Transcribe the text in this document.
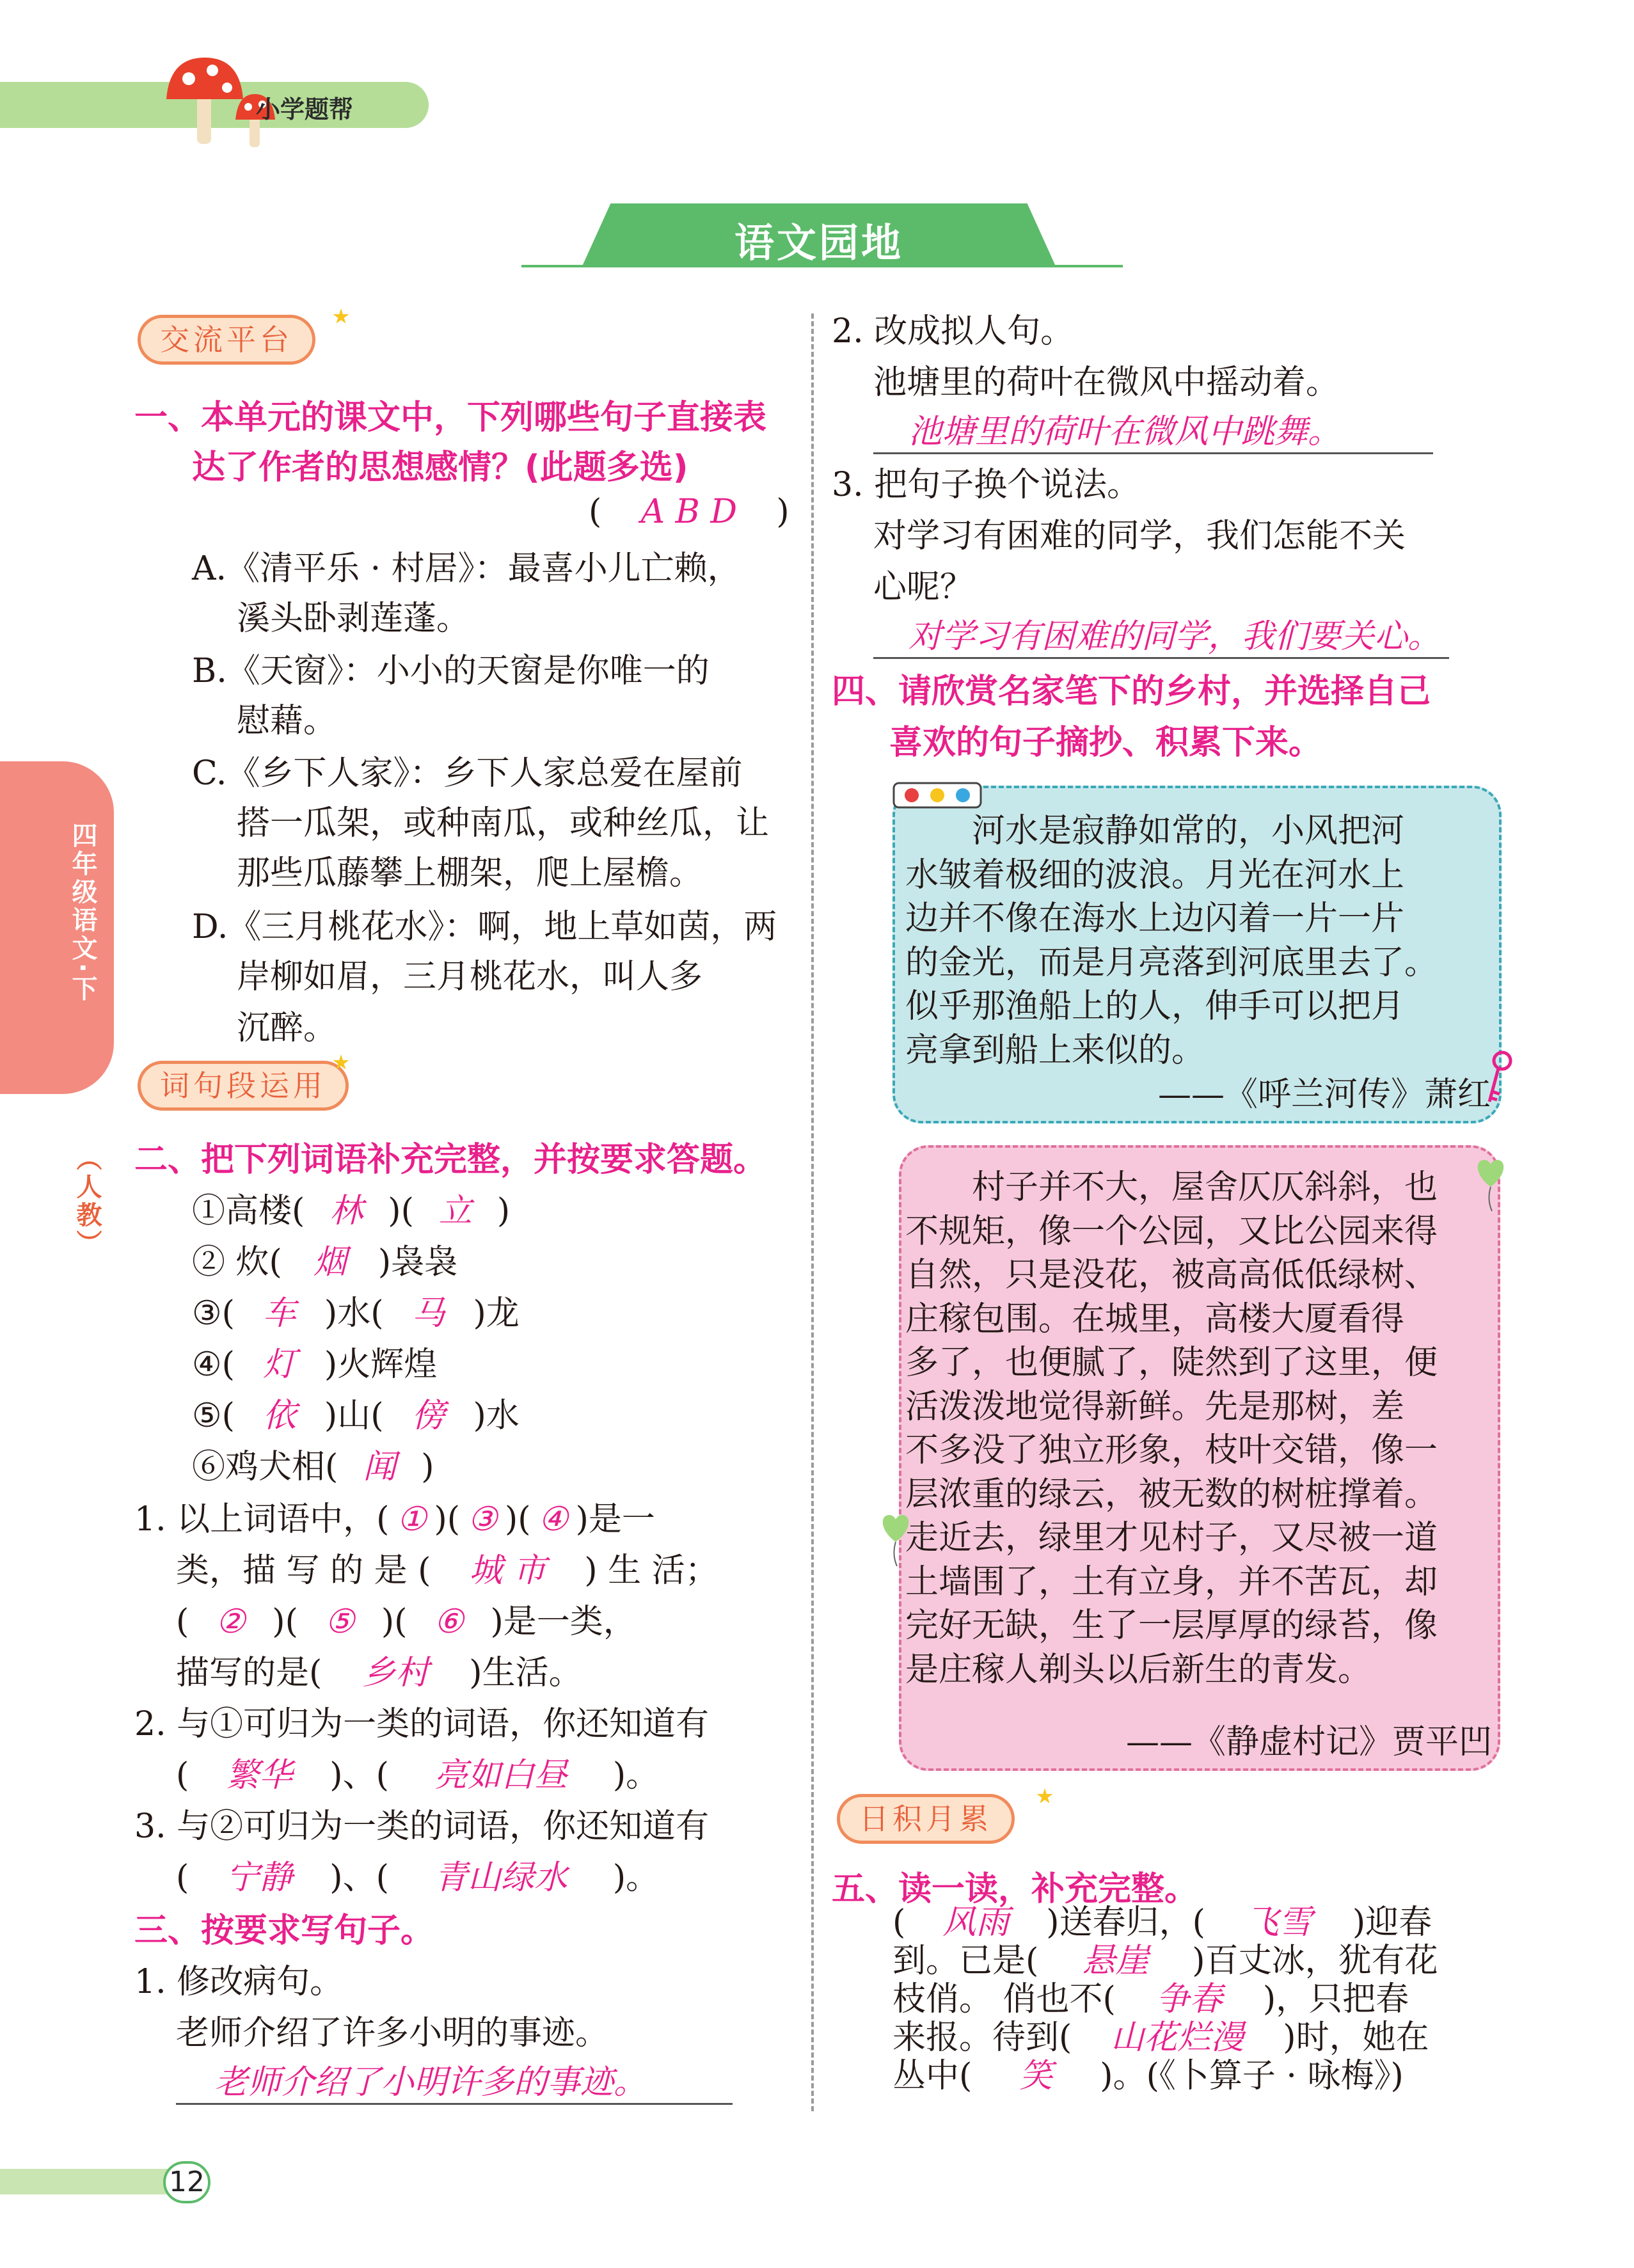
小学题帮
语文园地
四年级语文·下
（人教）
交流平台
一、本单元的课文中，下列哪些句子直接表
达了作者的思想感情？(此题多选)
( A B D )
A.《清平乐 · 村居》：最喜小儿亡赖，
溪头卧剥莲蓬。
B.《天窗》：小小的天窗是你唯一的
慰藉。
C.《乡下人家》：乡下人家总爱在屋前
搭一瓜架，或种南瓜，或种丝瓜，让
那些瓜藤攀上棚架，爬上屋檐。
D.《三月桃花水》：啊，地上草如茵，两
岸柳如眉，三月桃花水，叫人多
沉醉。
词句段运用
二、把下列词语补充完整，并按要求答题。
①高楼( 林 )( 立 )
② 炊( 烟 )袅袅
③( 车 )水( 马 )龙
④( 灯 )火辉煌
⑤( 依 )山( 傍 )水
⑥鸡犬相( 闻 )
1. 以上词语中，( ① )( ③ )( ④ )是一
类，描 写 的 是 ( 城 市 ) 生 活；
( ② )( ⑤ )( ⑥ )是一类，
描写的是( 乡村 )生活。
2. 与①可归为一类的词语，你还知道有
( 繁华 )、( 亮如白昼 )。
3. 与②可归为一类的词语，你还知道有
( 宁静 )、( 青山绿水 )。
三、按要求写句子。
1. 修改病句。
老师介绍了许多小明的事迹。
老师介绍了小明许多的事迹。
2. 改成拟人句。
池塘里的荷叶在微风中摇动着。
池塘里的荷叶在微风中跳舞。
3. 把句子换个说法。
对学习有困难的同学，我们怎能不关
心呢？
对学习有困难的同学，我们要关心。
四、请欣赏名家笔下的乡村，并选择自己
喜欢的句子摘抄、积累下来。
河水是寂静如常的，小风把河
水皱着极细的波浪。月光在河水上
边并不像在海水上边闪着一片一片
的金光，而是月亮落到河底里去了。
似乎那渔船上的人，伸手可以把月
亮拿到船上来似的。
——《呼兰河传》萧红
村子并不大，屋舍仄仄斜斜，也
不规矩，像一个公园，又比公园来得
自然，只是没花，被高高低低绿树、
庄稼包围。在城里，高楼大厦看得
多了，也便腻了，陡然到了这里，便
活泼泼地觉得新鲜。先是那树，差
不多没了独立形象，枝叶交错，像一
层浓重的绿云，被无数的树桩撑着。
走近去，绿里才见村子，又尽被一道
土墙围了，土有立身，并不苦瓦，却
完好无缺，生了一层厚厚的绿苔，像
是庄稼人剃头以后新生的青发。
——《静虚村记》贾平凹
日积月累
五、读一读，补充完整。
( 风雨 )送春归，( 飞雪 )迎春
到。已是( 悬崖 )百丈冰，犹有花
枝俏。 俏也不( 争春 )，只把春
来报。待到( 山花烂漫 )时，她在
丛中( 笑 )。(《卜算子 · 咏梅》)
12
